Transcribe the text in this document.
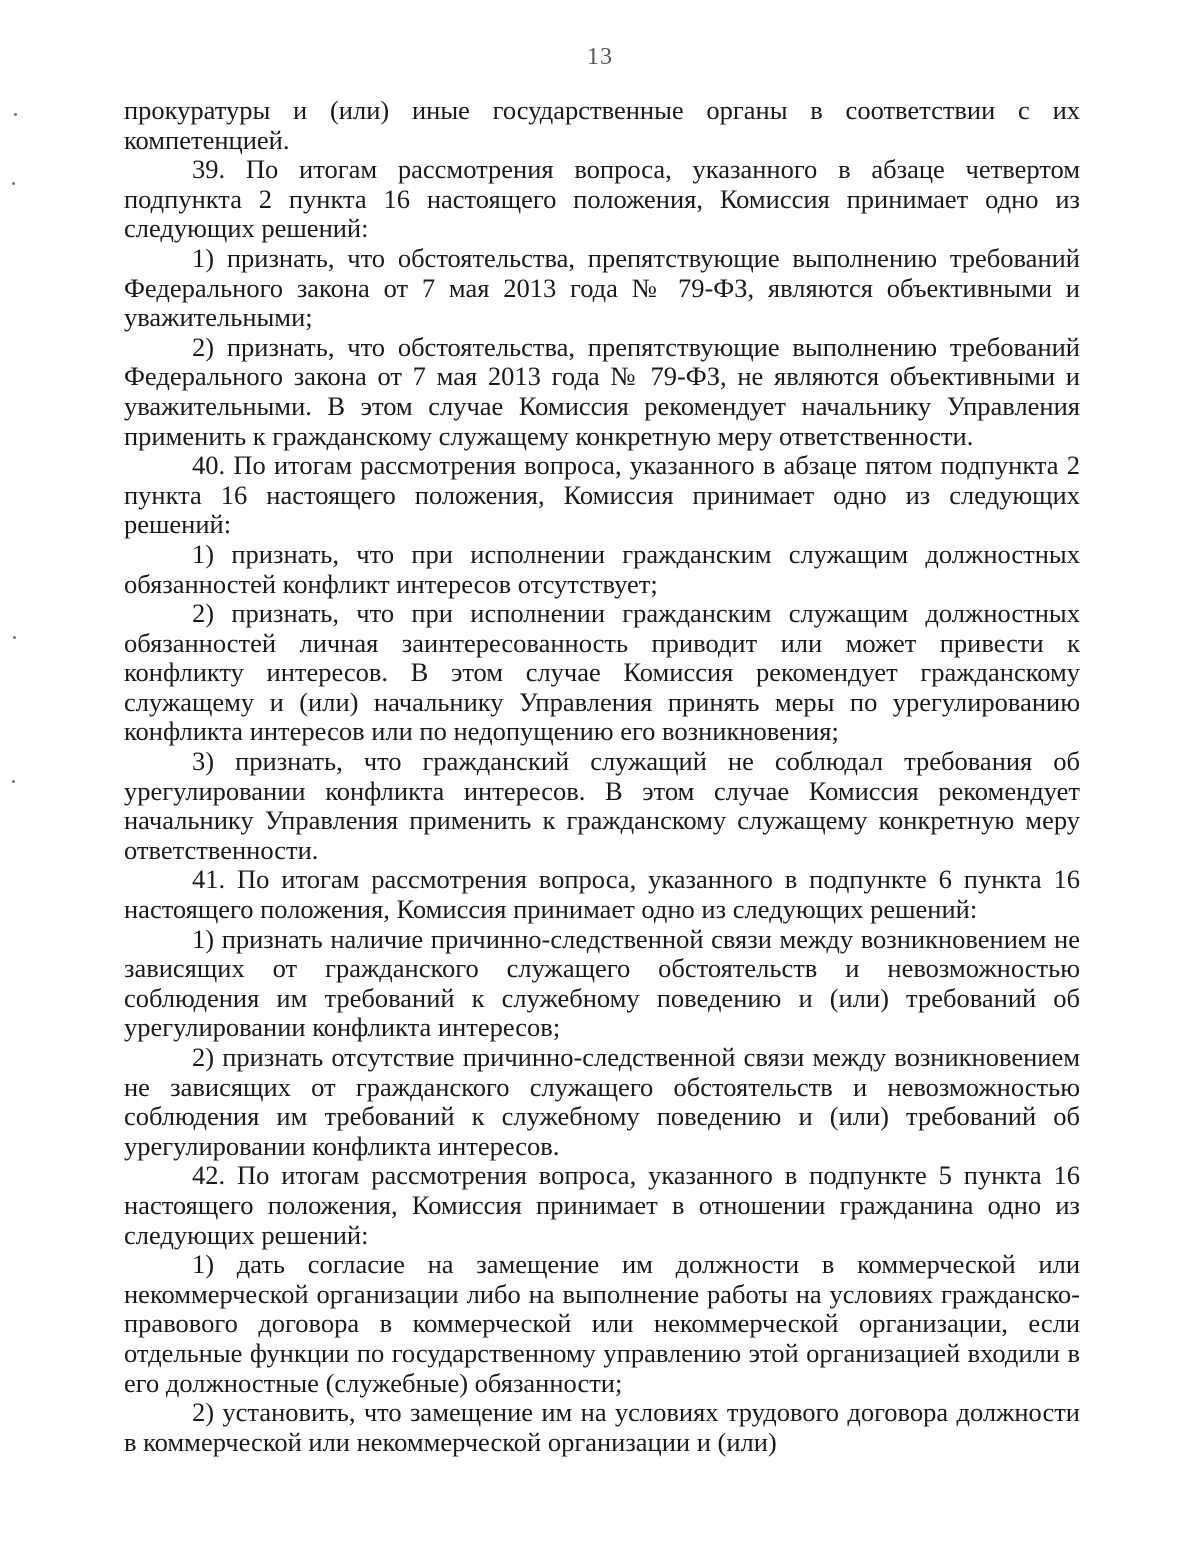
13

прокуратуры и (или) иные государственные органы в соответствии с их компетенцией.

39. По итогам рассмотрения вопроса, указанного в абзаце четвертом подпункта 2 пункта 16 настоящего положения, Комиссия принимает одно из следующих решений:

1) признать, что обстоятельства, препятствующие выполнению требований Федерального закона от 7 мая 2013 года № 79-ФЗ, являются объективными и уважительными;

2) признать, что обстоятельства, препятствующие выполнению требований Федерального закона от 7 мая 2013 года № 79-ФЗ, не являются объективными и уважительными. В этом случае Комиссия рекомендует начальнику Управления применить к гражданскому служащему конкретную меру ответственности.

40. По итогам рассмотрения вопроса, указанного в абзаце пятом подпункта 2 пункта 16 настоящего положения, Комиссия принимает одно из следующих решений:

1) признать, что при исполнении гражданским служащим должностных обязанностей конфликт интересов отсутствует;

2) признать, что при исполнении гражданским служащим должностных обязанностей личная заинтересованность приводит или может привести к конфликту интересов. В этом случае Комиссия рекомендует гражданскому служащему и (или) начальнику Управления принять меры по урегулированию конфликта интересов или по недопущению его возникновения;

3) признать, что гражданский служащий не соблюдал требования об урегулировании конфликта интересов. В этом случае Комиссия рекомендует начальнику Управления применить к гражданскому служащему конкретную меру ответственности.

41. По итогам рассмотрения вопроса, указанного в подпункте 6 пункта 16 настоящего положения, Комиссия принимает одно из следующих решений:

1) признать наличие причинно-следственной связи между возникновением не зависящих от гражданского служащего обстоятельств и невозможностью соблюдения им требований к служебному поведению и (или) требований об урегулировании конфликта интересов;

2) признать отсутствие причинно-следственной связи между возникновением не зависящих от гражданского служащего обстоятельств и невозможностью соблюдения им требований к служебному поведению и (или) требований об урегулировании конфликта интересов.

42. По итогам рассмотрения вопроса, указанного в подпункте 5 пункта 16 настоящего положения, Комиссия принимает в отношении гражданина одно из следующих решений:

1) дать согласие на замещение им должности в коммерческой или некоммерческой организации либо на выполнение работы на условиях гражданско-правового договора в коммерческой или некоммерческой организации, если отдельные функции по государственному управлению этой организацией входили в его должностные (служебные) обязанности;

2) установить, что замещение им на условиях трудового договора должности в коммерческой или некоммерческой организации и (или)
